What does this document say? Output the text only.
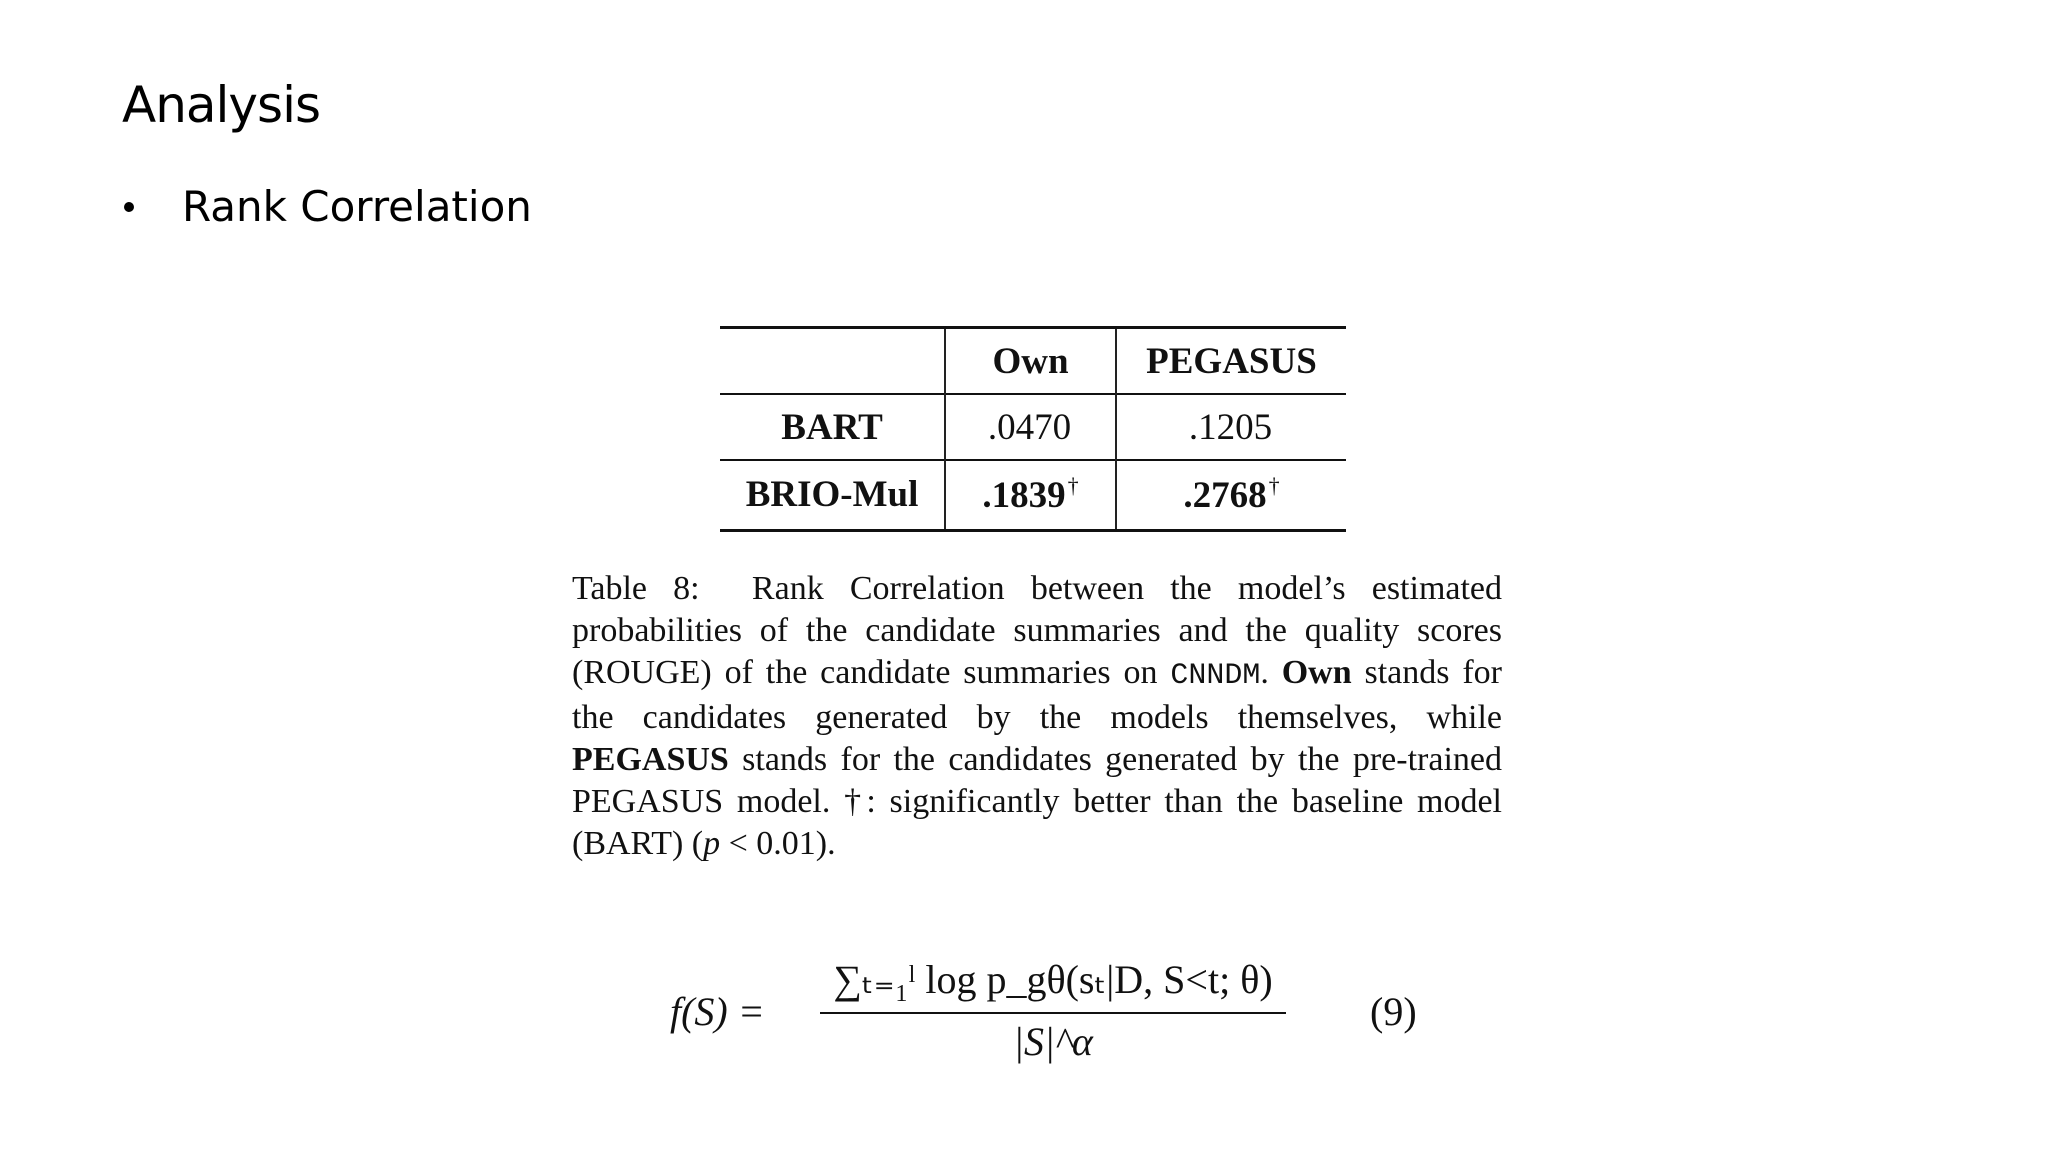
Analysis
Rank Correlation
	Own	PEGASUS
BART	.0470	.1205
BRIO-Mul	.1839†	.2768†
Table 8: Rank Correlation between the model’s estimated probabilities of the candidate summaries and the quality scores (ROUGE) of the candidate summaries on CNNDM. Own stands for the candidates generated by the models themselves, while PEGASUS stands for the candidates generated by the pre-trained PEGASUS model. †: significantly better than the baseline model (BART) (p < 0.01).
f(S) =
∑ₜ₌₁ˡ log p_gθ(sₜ|D, S<t; θ)
|S|^α
(9)
